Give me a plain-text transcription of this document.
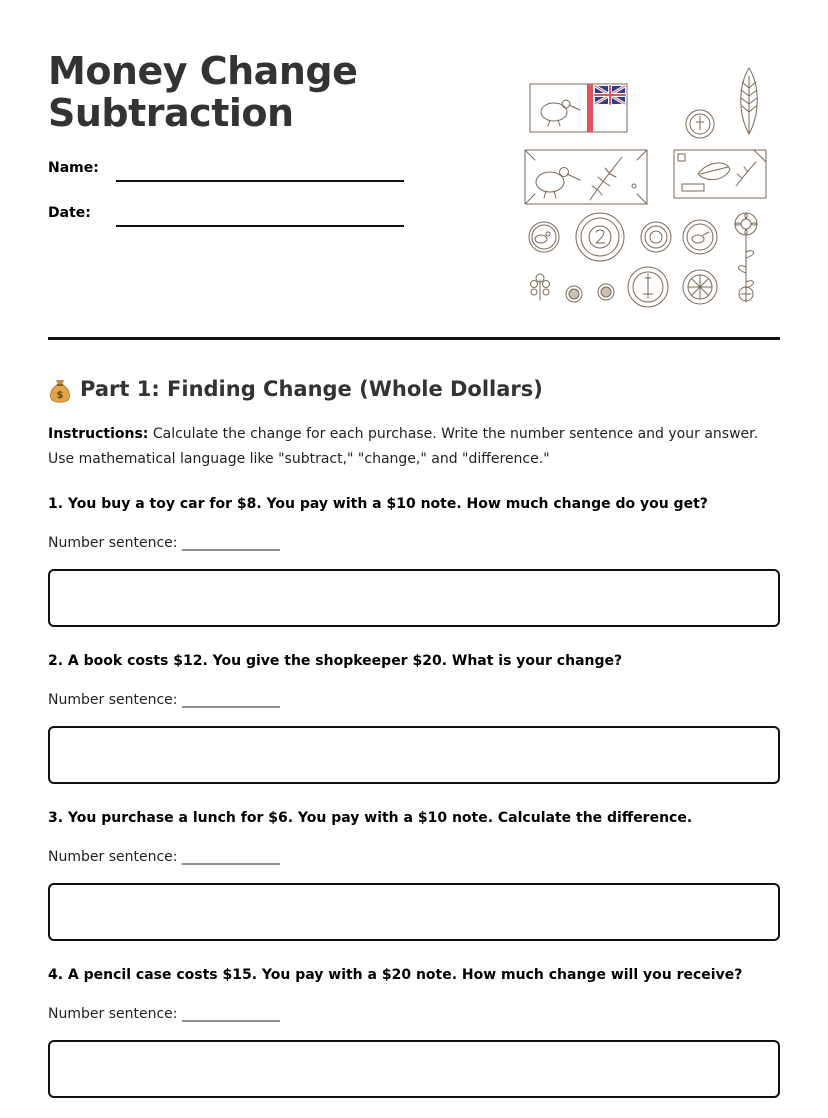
Money Change
Subtraction
Name:
Date:
$ Part 1: Finding Change (Whole Dollars)

Instructions: Calculate the change for each purchase. Write the number sentence and your answer. Use mathematical language like "subtract," "change," and "difference."

1. You buy a toy car for $8. You pay with a $10 note. How much change do you get?

Number sentence: ______________

2. A book costs $12. You give the shopkeeper $20. What is your change?

Number sentence: ______________

3. You purchase a lunch for $6. You pay with a $10 note. Calculate the difference.

Number sentence: ______________

4. A pencil case costs $15. You pay with a $20 note. How much change will you receive?

Number sentence: ______________
